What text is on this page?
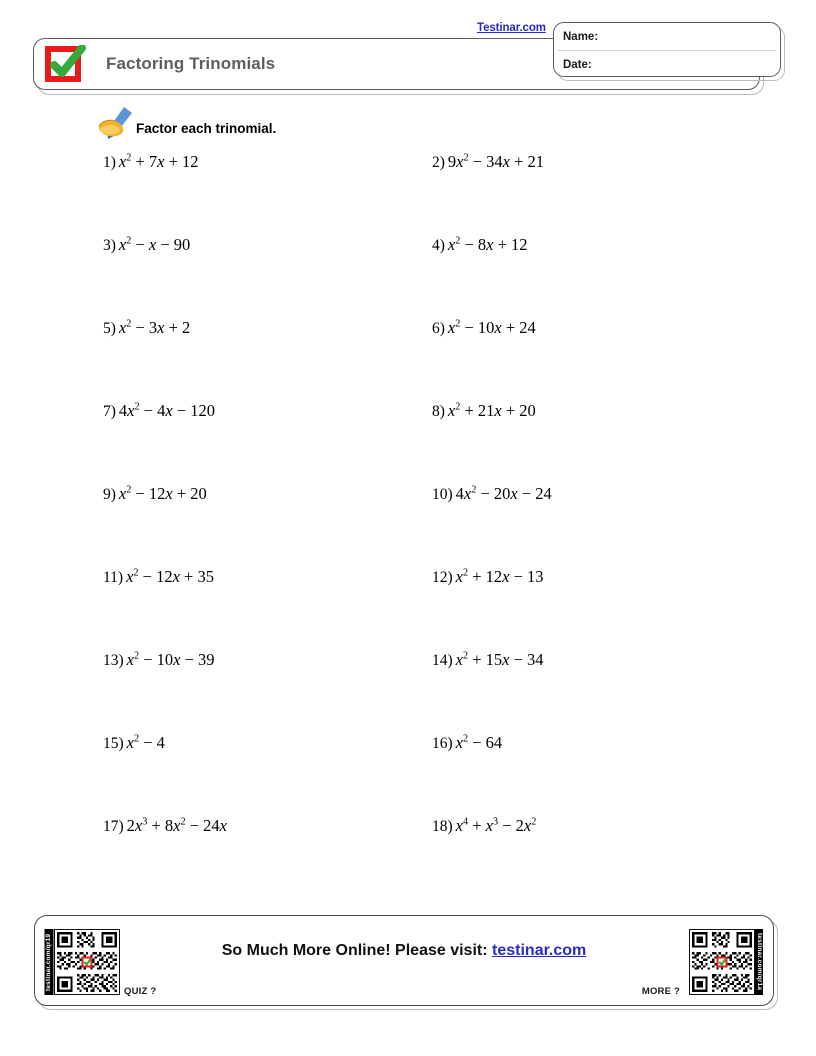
Testinar.com
Factoring Trinomials
Name:
Date:
Factor each trinomial.
1) $x^2 + 7x + 12$	2) $9x^2 - 34x + 21$
3) $x^2 - x - 90$	4) $x^2 - 8x + 12$
5) $x^2 - 3x + 2$	6) $x^2 - 10x + 24$
7) $4x^2 - 4x - 120$	8) $x^2 + 21x + 20$
9) $x^2 - 12x + 20$	10) $4x^2 - 20x - 24$
11) $x^2 - 12x + 35$	12) $x^2 + 12x - 13$
13) $x^2 - 10x - 39$	14) $x^2 + 15x - 34$
15) $x^2 - 4$	16) $x^2 - 64$
17) $2x^3 + 8x^2 - 24x$	18) $x^4 + x^3 - 2x^2$
testinar.com/qr19
QUIZ ?
So Much More Online! Please visit: testinar.com
MORE ?
testinar.com/qr1a
